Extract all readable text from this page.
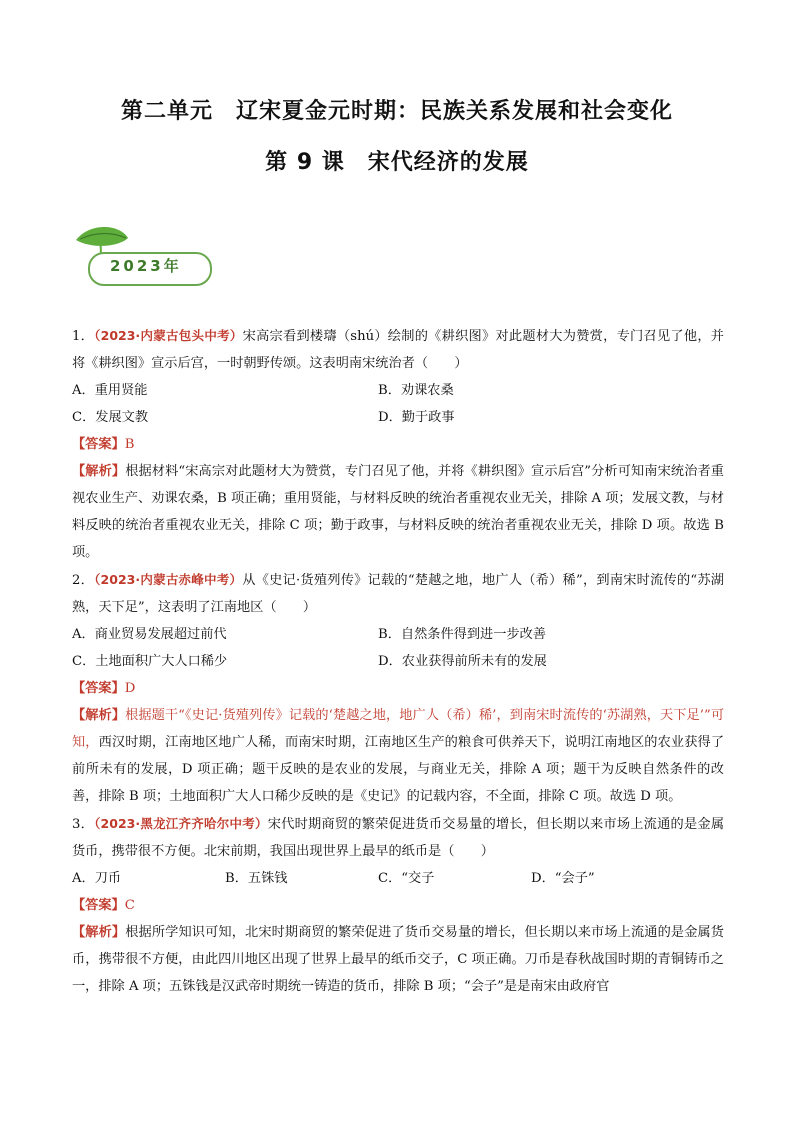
第二单元　辽宋夏金元时期：民族关系发展和社会变化
第 9 课　宋代经济的发展
2023年

1．（2023·内蒙古包头中考）宋高宗看到楼璹（shú）绘制的《耕织图》对此题材大为赞赏，专门召见了他，并将《耕织图》宣示后宫，一时朝野传颂。这表明南宋统治者（　　）

A．重用贤能	B．劝课农桑
C．发展文教	D．勤于政事

【答案】B

【解析】根据材料“宋高宗对此题材大为赞赏，专门召见了他，并将《耕织图》宣示后宫”分析可知南宋统治者重视农业生产、劝课农桑，B 项正确；重用贤能，与材料反映的统治者重视农业无关，排除 A 项；发展文教，与材料反映的统治者重视农业无关，排除 C 项；勤于政事，与材料反映的统治者重视农业无关，排除 D 项。故选 B 项。

2．（2023·内蒙古赤峰中考）从《史记·货殖列传》记载的“楚越之地，地广人（希）稀”，到南宋时流传的“苏湖熟，天下足”，这表明了江南地区（　　）

A．商业贸易发展超过前代	B．自然条件得到进一步改善
C．土地面积广大人口稀少	D．农业获得前所未有的发展

【答案】D

【解析】根据题干“《史记·货殖列传》记载的‘楚越之地，地广人（希）稀’，到南宋时流传的‘苏湖熟，天下足’”可知，西汉时期，江南地区地广人稀，而南宋时期，江南地区生产的粮食可供养天下，说明江南地区的农业获得了前所未有的发展，D 项正确；题干反映的是农业的发展，与商业无关，排除 A 项；题干为反映自然条件的改善，排除 B 项；土地面积广大人口稀少反映的是《史记》的记载内容，不全面，排除 C 项。故选 D 项。

3．（2023·黑龙江齐齐哈尔中考）宋代时期商贸的繁荣促进货币交易量的增长，但长期以来市场上流通的是金属货币，携带很不方便。北宋前期，我国出现世界上最早的纸币是（　　）

A．刀币	B．五铢钱	C．“交子	D．“会子”

【答案】C

【解析】根据所学知识可知，北宋时期商贸的繁荣促进了货币交易量的增长，但长期以来市场上流通的是金属货币，携带很不方便，由此四川地区出现了世界上最早的纸币交子，C 项正确。刀币是春秋战国时期的青铜铸币之一，排除 A 项；五铢钱是汉武帝时期统一铸造的货币，排除 B 项；“会子”是是南宋由政府官
